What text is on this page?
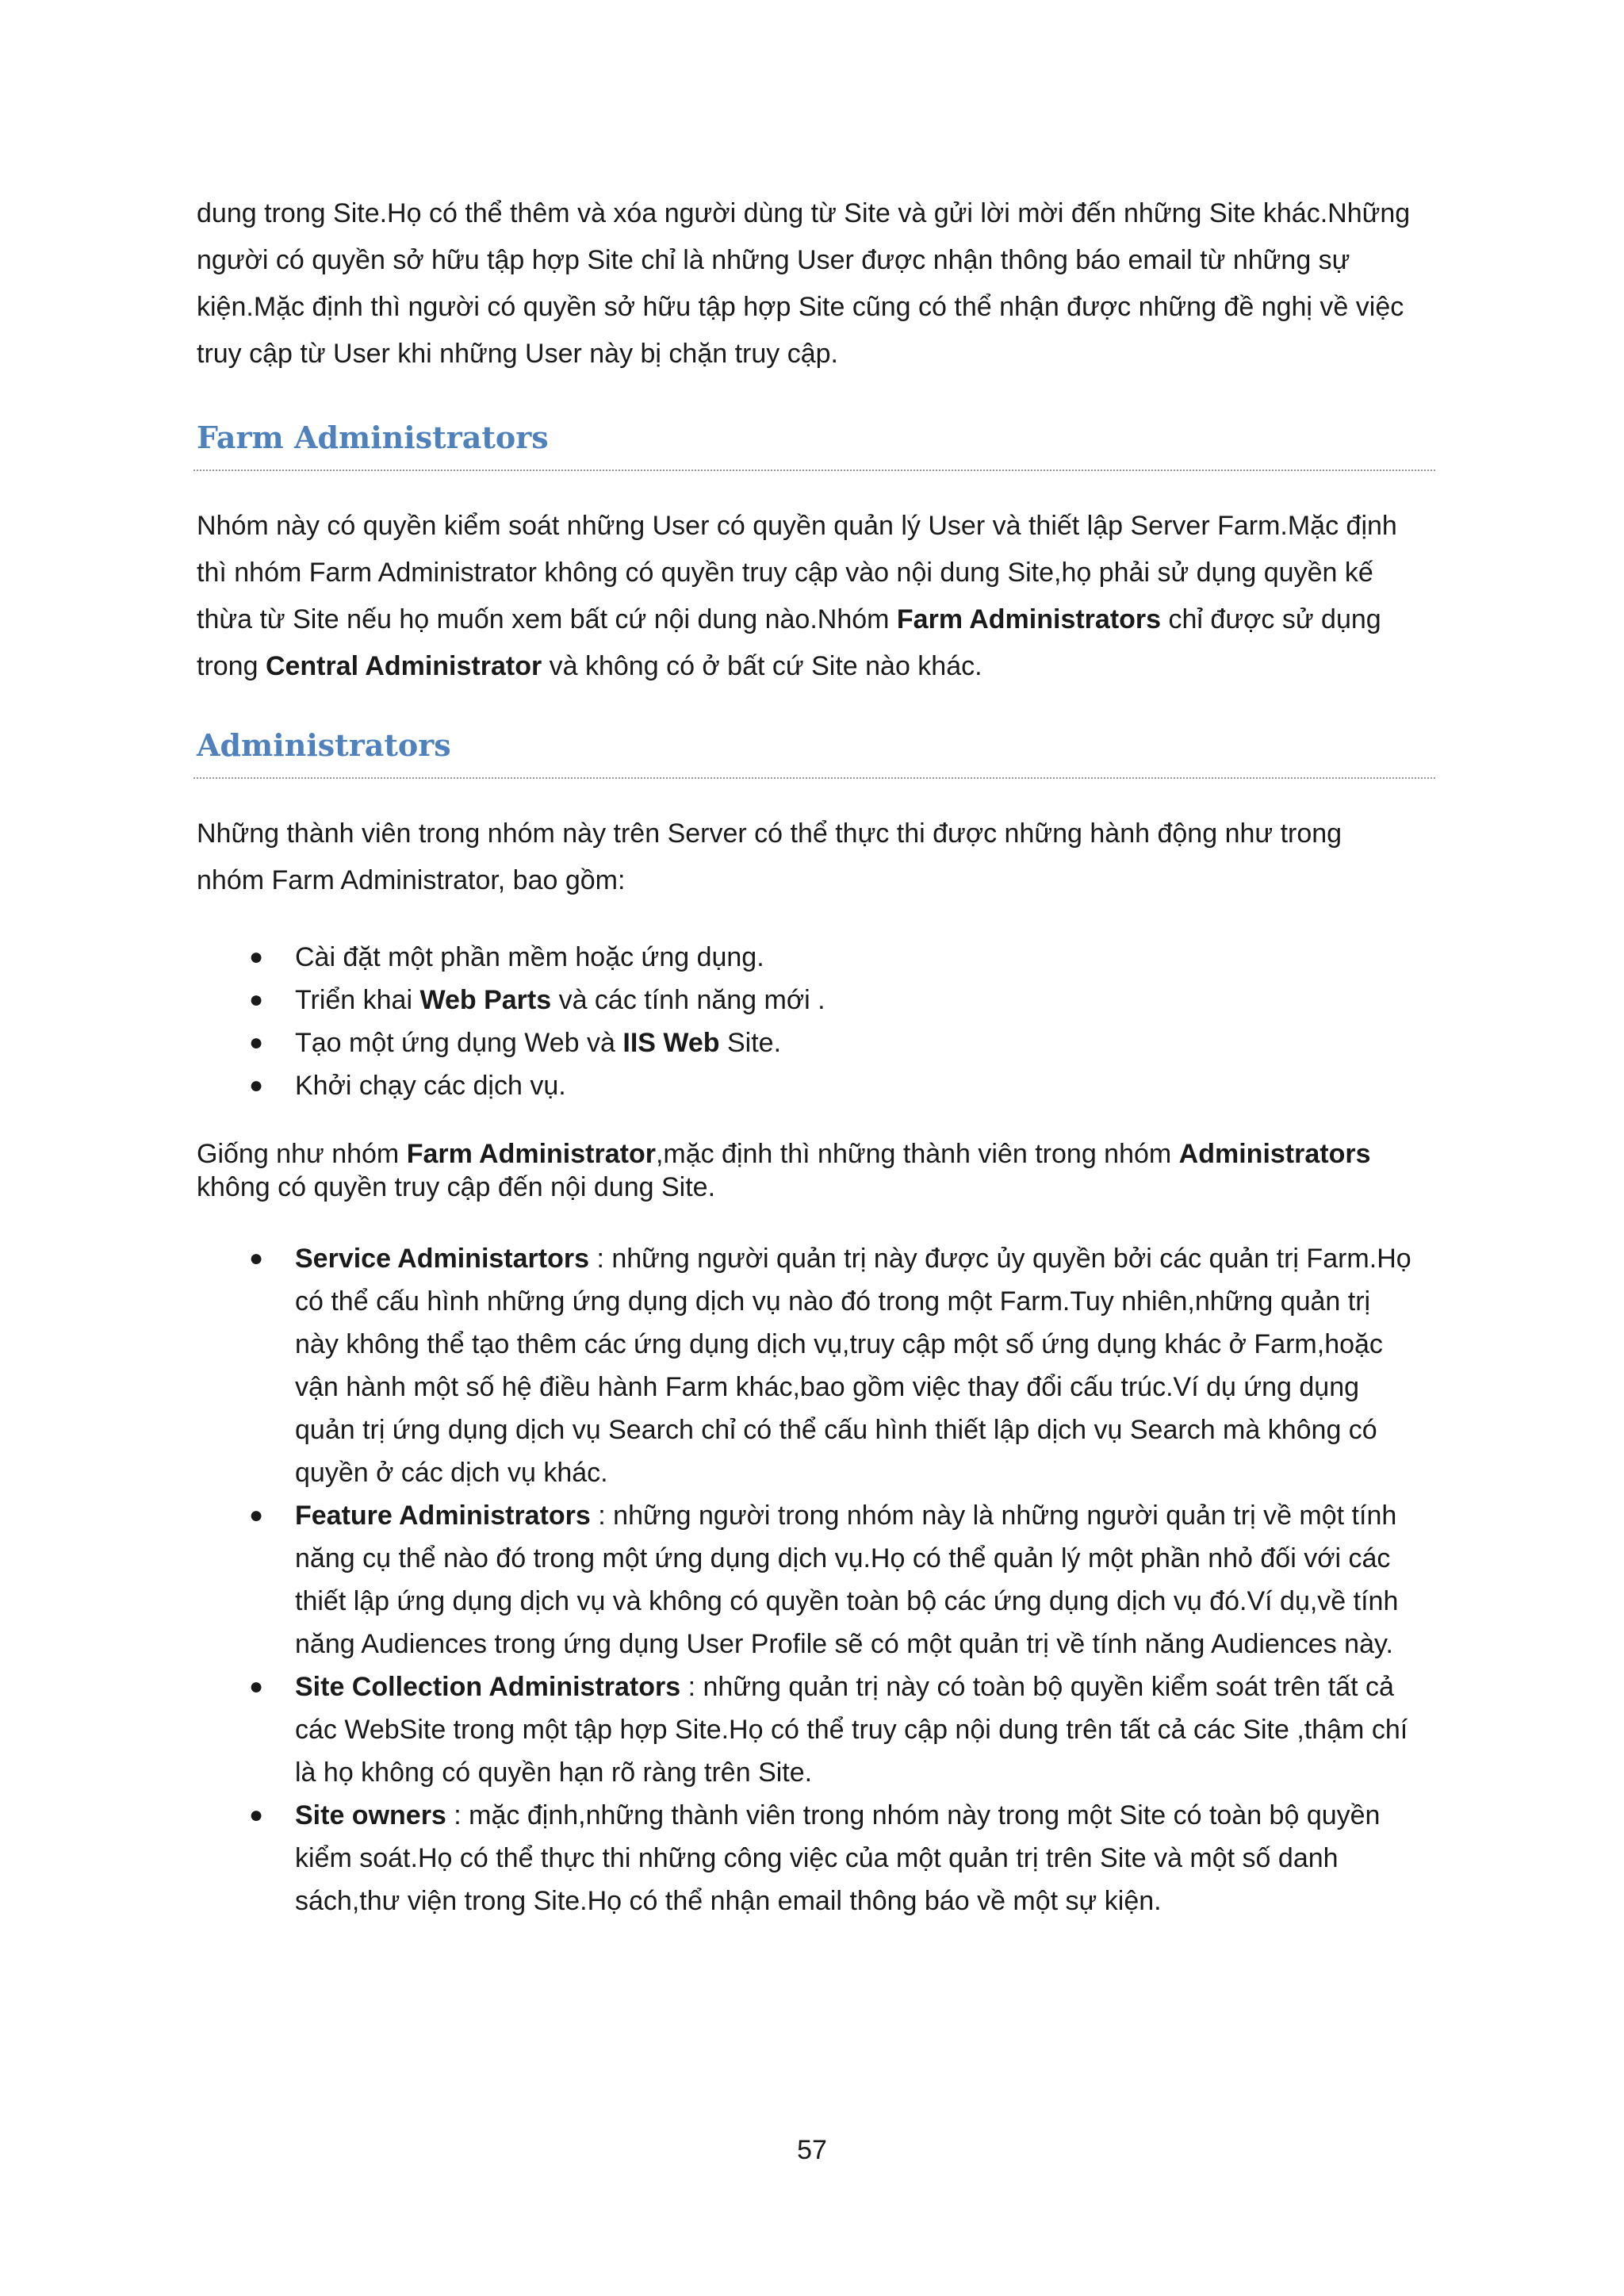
dung trong Site.Họ có thể thêm và xóa người dùng từ Site và gửi lời mời đến những Site khác.Những

người có quyền sở hữu tập hợp Site chỉ là những User được nhận thông báo email từ những sự

kiện.Mặc định thì người có quyền sở hữu tập hợp Site cũng có thể nhận được những đề nghị về việc

truy cập từ User khi những User này bị chặn truy cập.

Farm Administrators

Nhóm này có quyền kiểm soát những User có quyền quản lý User và thiết lập Server Farm.Mặc định

thì nhóm Farm Administrator không có quyền truy cập vào nội dung Site,họ phải sử dụng quyền kế

thừa từ Site nếu họ muốn xem bất cứ nội dung nào.Nhóm Farm Administrators chỉ được sử dụng

trong Central Administrator và không có ở bất cứ Site nào khác.

Administrators

Những thành viên trong nhóm này trên Server có thể thực thi được những hành động như trong

nhóm Farm Administrator, bao gồm:

● Cài đặt một phần mềm hoặc ứng dụng.
● Triển khai Web Parts và các tính năng mới .
● Tạo một ứng dụng Web và IIS Web Site.
● Khởi chạy các dịch vụ.

Giống như nhóm Farm Administrator,mặc định thì những thành viên trong nhóm Administrators

không có quyền truy cập đến nội dung Site.

● Service Administartors : những người quản trị này được ủy quyền bởi các quản trị Farm.Họ
có thể cấu hình những ứng dụng dịch vụ nào đó trong một Farm.Tuy nhiên,những quản trị
này không thể tạo thêm các ứng dụng dịch vụ,truy cập một số ứng dụng khác ở Farm,hoặc
vận hành một số hệ điều hành Farm khác,bao gồm việc thay đổi cấu trúc.Ví dụ ứng dụng
quản trị ứng dụng dịch vụ Search chỉ có thể cấu hình thiết lập dịch vụ Search mà không có
quyền ở các dịch vụ khác.
● Feature Administrators : những người trong nhóm này là những người quản trị về một tính
năng cụ thể nào đó trong một ứng dụng dịch vụ.Họ có thể quản lý một phần nhỏ đối với các
thiết lập ứng dụng dịch vụ và không có quyền toàn bộ các ứng dụng dịch vụ đó.Ví dụ,về tính
năng Audiences trong ứng dụng User Profile sẽ có một quản trị về tính năng Audiences này.
● Site Collection Administrators : những quản trị này có toàn bộ quyền kiểm soát trên tất cả
các WebSite trong một tập hợp Site.Họ có thể truy cập nội dung trên tất cả các Site ,thậm chí
là họ không có quyền hạn rõ ràng trên Site.
● Site owners : mặc định,những thành viên trong nhóm này trong một Site có toàn bộ quyền
kiểm soát.Họ có thể thực thi những công việc của một quản trị trên Site và một số danh
sách,thư viện trong Site.Họ có thể nhận email thông báo về một sự kiện.
57
